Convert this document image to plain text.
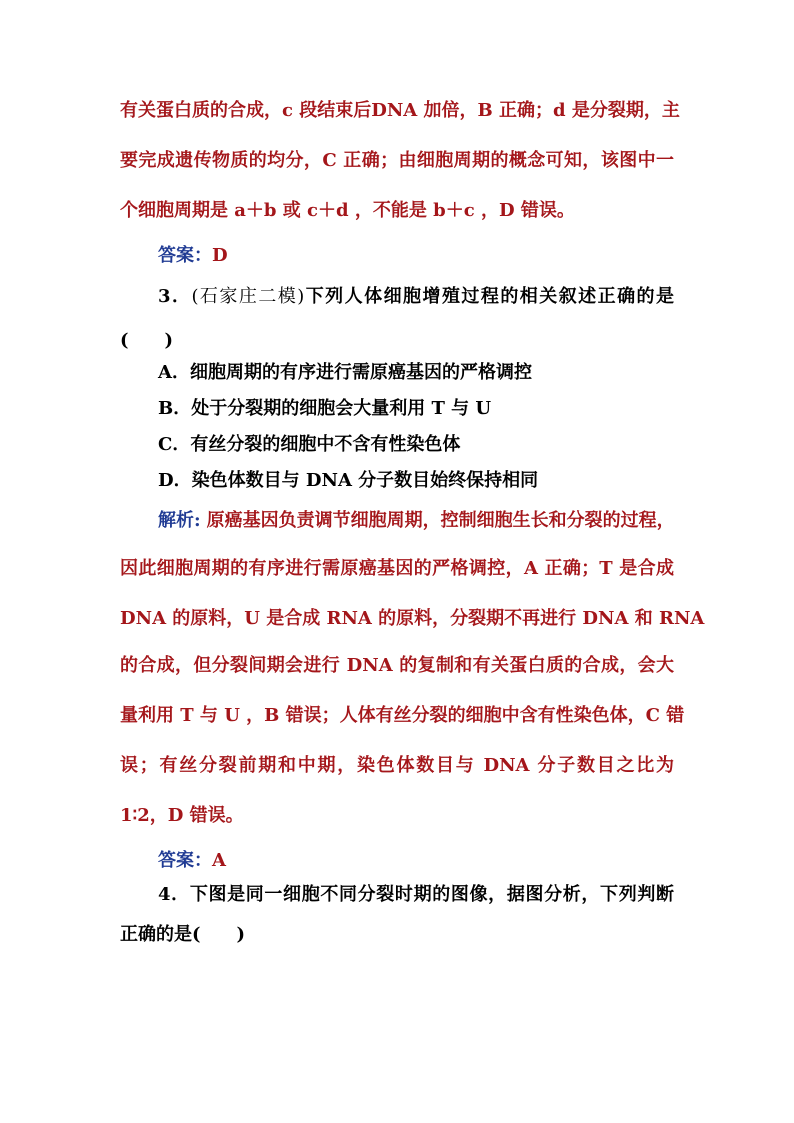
有关蛋白质的合成，c 段结束后DNA 加倍，B 正确；d 是分裂期，主
要完成遗传物质的均分，C 正确；由细胞周期的概念可知，该图中一
个细胞周期是 a＋b 或 c＋d ，不能是 b＋c ，D 错误。
答案：D
3．(石家庄二模)下列人体细胞增殖过程的相关叙述正确的是
(　　)
A．细胞周期的有序进行需原癌基因的严格调控
B．处于分裂期的细胞会大量利用 T 与 U
C．有丝分裂的细胞中不含有性染色体
D．染色体数目与 DNA 分子数目始终保持相同
解析: 原癌基因负责调节细胞周期，控制细胞生长和分裂的过程，
因此细胞周期的有序进行需原癌基因的严格调控，A 正确；T 是合成
DNA 的原料，U 是合成 RNA 的原料，分裂期不再进行 DNA 和 RNA
的合成，但分裂间期会进行 DNA 的复制和有关蛋白质的合成，会大
量利用 T 与 U ，B 错误；人体有丝分裂的细胞中含有性染色体，C 错
误；有丝分裂前期和中期，染色体数目与 DNA 分子数目之比为
1∶2，D 错误。
答案：A
4．下图是同一细胞不同分裂时期的图像，据图分析，下列判断
正确的是(　　)
